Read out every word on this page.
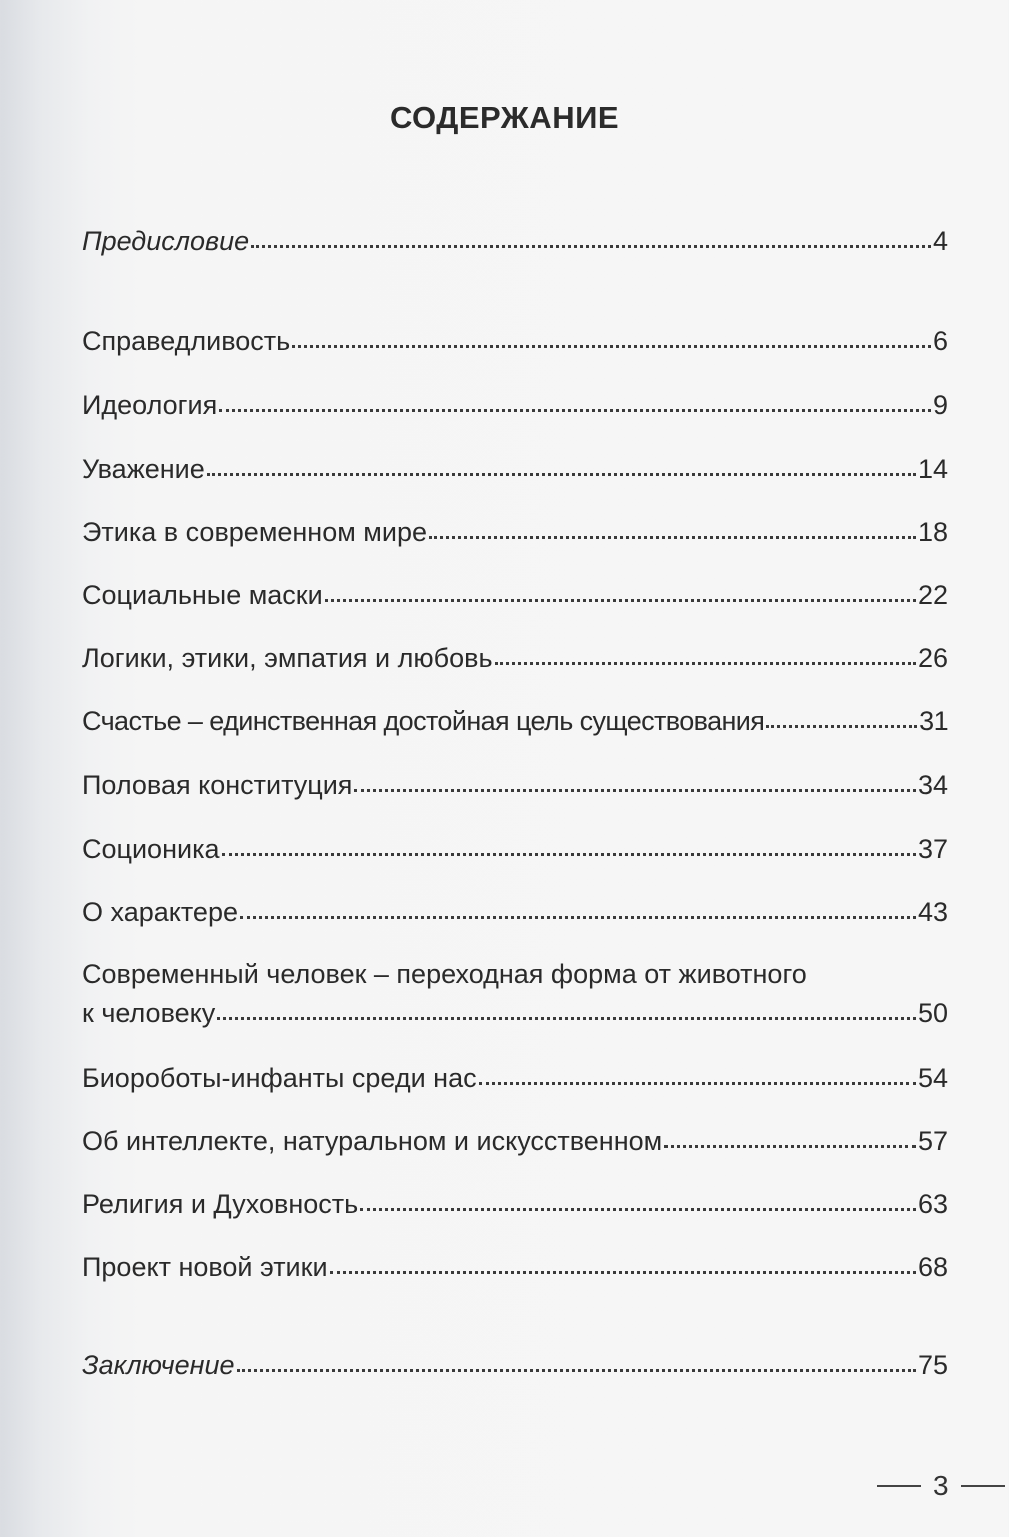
СОДЕРЖАНИЕ
Предисловие	4
Справедливость	6
Идеология	9
Уважение	14
Этика в современном мире	18
Социальные маски	22
Логики, этики, эмпатия и любовь	26
Счастье – единственная достойная цель существования	31
Половая конституция	34
Соционика	37
О характере	43
Современный человек – переходная форма от животного
к человеку	50
Биороботы-инфанты среди нас	54
Об интеллекте, натуральном и искусственном	57
Религия и Духовность	63
Проект новой этики	68
Заключение	75
3
